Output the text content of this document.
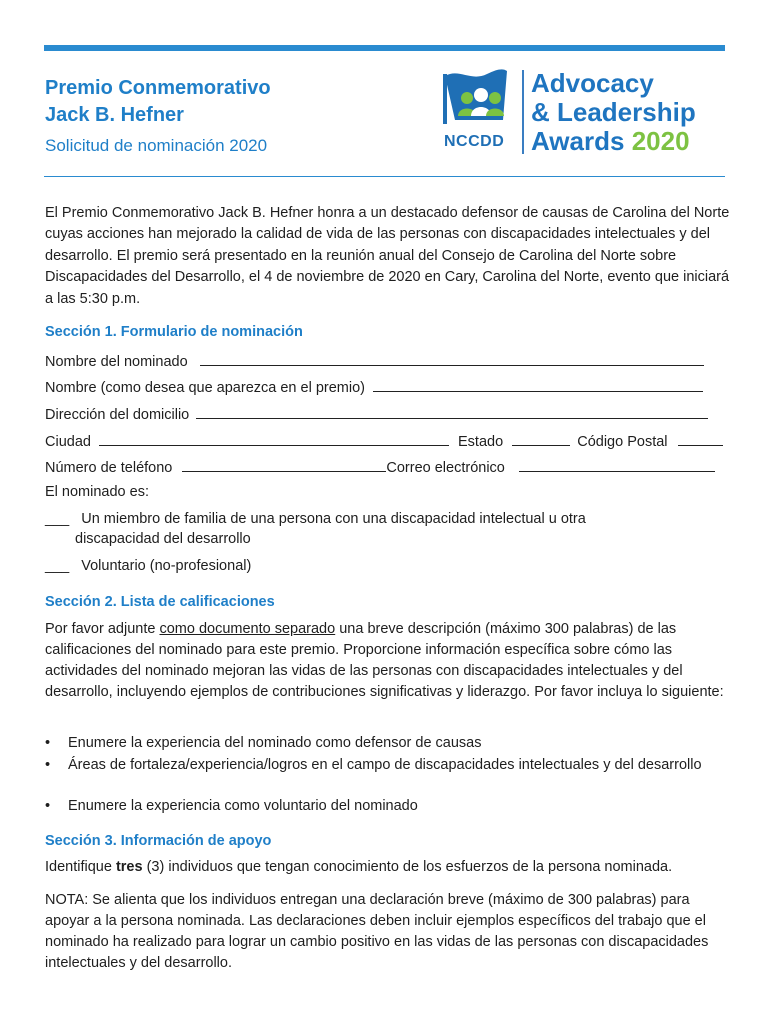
Premio Conmemorativo
Jack B. Hefner
Solicitud de nominación 2020	NCCDD
Advocacy
& Leadership
Awards 2020
El Premio Conmemorativo Jack B. Hefner honra a un destacado defensor de causas de Carolina del Norte cuyas acciones han mejorado la calidad de vida de las personas con discapacidades intelectuales y del desarrollo. El premio será presentado en la reunión anual del Consejo de Carolina del Norte sobre Discapacidades del Desarrollo, el 4 de noviembre de 2020 en Cary, Carolina del Norte, evento que iniciará a las 5:30 p.m.
Sección 1. Formulario de nominación
Nombre del nominado
Nombre (como desea que aparezca en el premio)
Dirección del domicilio
Ciudad	Estado	Código Postal
Número de teléfono	Correo electrónico
El nominado es:
___ Un miembro de familia de una persona con una discapacidad intelectual u otra
discapacidad del desarrollo
___ Voluntario (no-profesional)
Sección 2. Lista de calificaciones
Por favor adjunte como documento separado una breve descripción (máximo 300 palabras) de las calificaciones del nominado para este premio. Proporcione información específica sobre cómo las actividades del nominado mejoran las vidas de las personas con discapacidades intelectuales y del desarrollo, incluyendo ejemplos de contribuciones significativas y liderazgo. Por favor incluya lo siguiente:
• Enumere la experiencia del nominado como defensor de causas
• Áreas de fortaleza/experiencia/logros en el campo de discapacidades intelectuales y del desarrollo
• Enumere la experiencia como voluntario del nominado
Sección 3. Información de apoyo
Identifique tres (3) individuos que tengan conocimiento de los esfuerzos de la persona nominada.
NOTA: Se alienta que los individuos entregan una declaración breve (máximo de 300 palabras) para apoyar a la persona nominada. Las declaraciones deben incluir ejemplos específicos del trabajo que el nominado ha realizado para lograr un cambio positivo en las vidas de las personas con discapacidades intelectuales y del desarrollo.
